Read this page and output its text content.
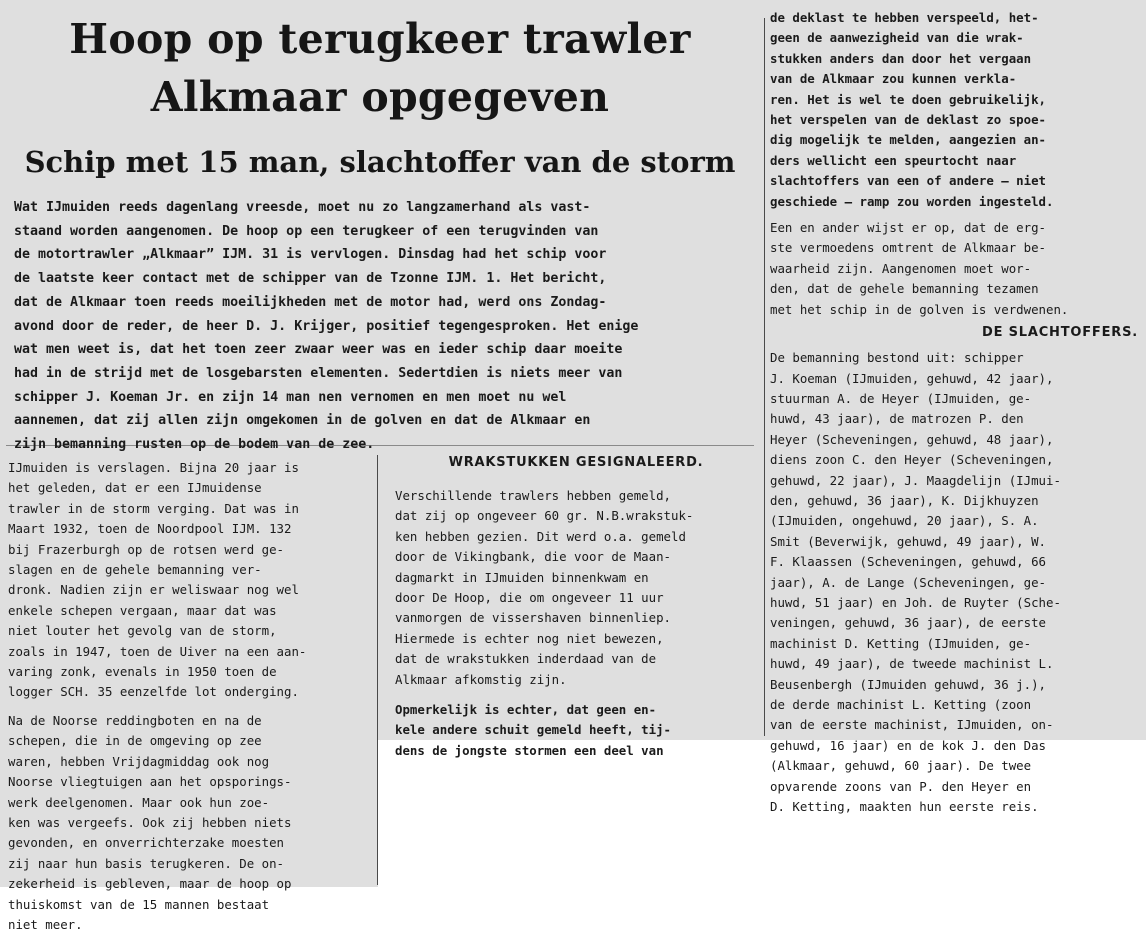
Hoop op terugkeer trawler
Alkmaar opgegeven
Schip met 15 man, slachtoffer van de storm
Wat IJmuiden reeds dagenlang vreesde, moet nu zo langzamerhand als vast-
staand worden aangenomen. De hoop op een terugkeer of een terugvinden van
de motortrawler „Alkmaar” IJM. 31 is vervlogen. Dinsdag had het schip voor
de laatste keer contact met de schipper van de Tzonne IJM. 1. Het bericht,
dat de Alkmaar toen reeds moeilijkheden met de motor had, werd ons Zondag-
avond door de reder, de heer D. J. Krijger, positief tegengesproken. Het enige
wat men weet is, dat het toen zeer zwaar weer was en ieder schip daar moeite
had in de strijd met de losgebarsten elementen. Sedertdien is niets meer van
schipper J. Koeman Jr. en zijn 14 man nen vernomen en men moet nu wel
aannemen, dat zij allen zijn omgekomen in de golven en dat de Alkmaar en
zijn bemanning rusten op de bodem van de zee.

IJmuiden is verslagen. Bijna 20 jaar is
het geleden, dat er een IJmuidense
trawler in de storm verging. Dat was in
Maart 1932, toen de Noordpool IJM. 132
bij Frazerburgh op de rotsen werd ge-
slagen en de gehele bemanning ver-
dronk. Nadien zijn er weliswaar nog wel
enkele schepen vergaan, maar dat was
niet louter het gevolg van de storm,
zoals in 1947, toen de Uiver na een aan-
varing zonk, evenals in 1950 toen de
logger SCH. 35 eenzelfde lot onderging.

Na de Noorse reddingboten en na de
schepen, die in de omgeving op zee
waren, hebben Vrijdagmiddag ook nog
Noorse vliegtuigen aan het opsporings-
werk deelgenomen. Maar ook hun zoe-
ken was vergeefs. Ook zij hebben niets
gevonden, en onverrichterzake moesten
zij naar hun basis terugkeren. De on-
zekerheid is gebleven, maar de hoop op
thuiskomst van de 15 mannen bestaat
niet meer.

WRAKSTUKKEN GESIGNALEERD.

Verschillende trawlers hebben gemeld,
dat zij op ongeveer 60 gr. N.B.wrakstuk-
ken hebben gezien. Dit werd o.a. gemeld
door de Vikingbank, die voor de Maan-
dagmarkt in IJmuiden binnenkwam en
door De Hoop, die om ongeveer 11 uur
vanmorgen de vissershaven binnenliep.
Hiermede is echter nog niet bewezen,
dat de wrakstukken inderdaad van de
Alkmaar afkomstig zijn.

Opmerkelijk is echter, dat geen en-
kele andere schuit gemeld heeft, tij-
dens de jongste stormen een deel van

de deklast te hebben verspeeld, het-
geen de aanwezigheid van die wrak-
stukken anders dan door het vergaan
van de Alkmaar zou kunnen verkla-
ren. Het is wel te doen gebruikelijk,
het verspelen van de deklast zo spoe-
dig mogelijk te melden, aangezien an-
ders wellicht een speurtocht naar
slachtoffers van een of andere — niet
geschiede — ramp zou worden ingesteld.

Een en ander wijst er op, dat de erg-
ste vermoedens omtrent de Alkmaar be-
waarheid zijn. Aangenomen moet wor-
den, dat de gehele bemanning tezamen
met het schip in de golven is verdwenen.

DE SLACHTOFFERS.

De bemanning bestond uit: schipper
J. Koeman (IJmuiden, gehuwd, 42 jaar),
stuurman A. de Heyer (IJmuiden, ge-
huwd, 43 jaar), de matrozen P. den
Heyer (Scheveningen, gehuwd, 48 jaar),
diens zoon C. den Heyer (Scheveningen,
gehuwd, 22 jaar), J. Maagdelijn (IJmui-
den, gehuwd, 36 jaar), K. Dijkhuyzen
(IJmuiden, ongehuwd, 20 jaar), S. A.
Smit (Beverwijk, gehuwd, 49 jaar), W.
F. Klaassen (Scheveningen, gehuwd, 66
jaar), A. de Lange (Scheveningen, ge-
huwd, 51 jaar) en Joh. de Ruyter (Sche-
veningen, gehuwd, 36 jaar), de eerste
machinist D. Ketting (IJmuiden, ge-
huwd, 49 jaar), de tweede machinist L.
Beusenbergh (IJmuiden gehuwd, 36 j.),
de derde machinist L. Ketting (zoon
van de eerste machinist, IJmuiden, on-
gehuwd, 16 jaar) en de kok J. den Das
(Alkmaar, gehuwd, 60 jaar). De twee
opvarende zoons van P. den Heyer en
D. Ketting, maakten hun eerste reis.
